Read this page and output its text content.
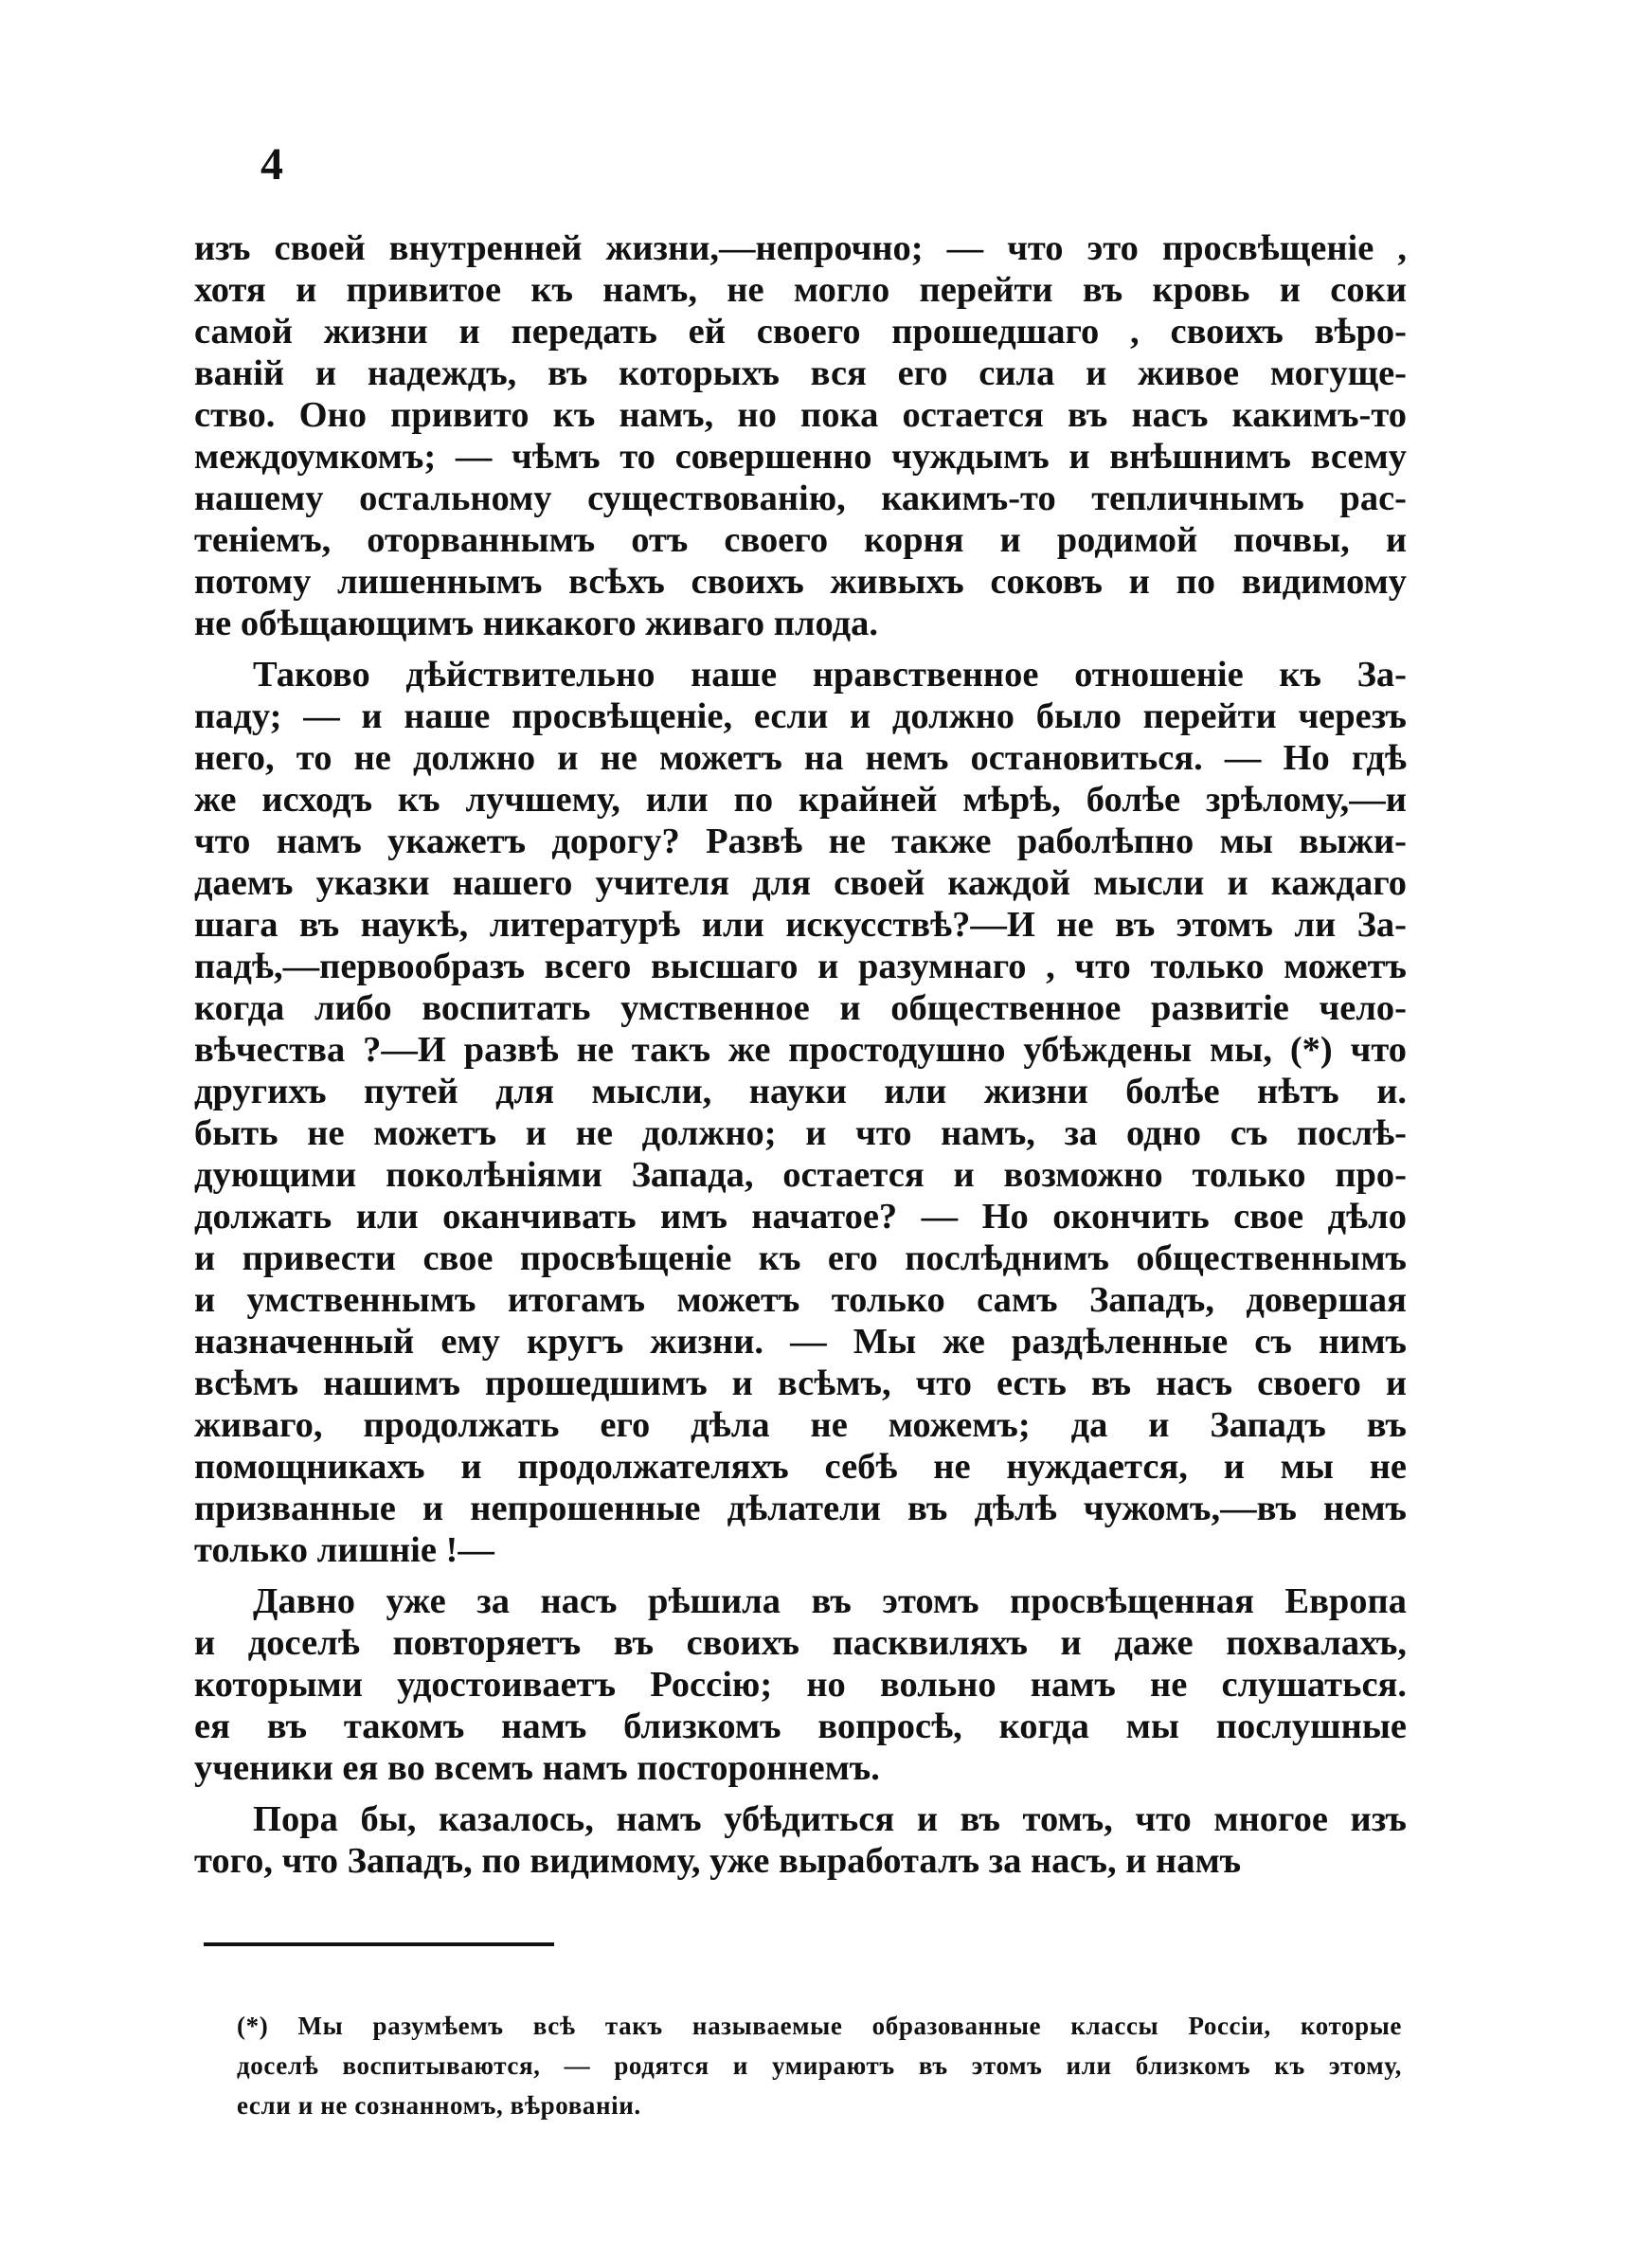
4
изъ своей внутренней жизни,—непрочно; — что это просвѣщеніе ,
хотя и привитое къ намъ, не могло перейти въ кровь и соки
самой жизни и передать ей своего прошедшаго , своихъ вѣро-
ваній и надеждъ, въ которыхъ вся его сила и живое могуще-
ство. Оно привито къ намъ, но пока остается въ насъ какимъ-то
междоумкомъ; — чѣмъ то совершенно чуждымъ и внѣшнимъ всему
нашему остальному существованію, какимъ-то тепличнымъ рас-
теніемъ, оторваннымъ отъ своего корня и родимой почвы, и
потому лишеннымъ всѣхъ своихъ живыхъ соковъ и по видимому
не обѣщающимъ никакого живаго плода.
Таково дѣйствительно наше нравственное отношеніе къ За-
паду; — и наше просвѣщеніе, если и должно было перейти черезъ
него, то не должно и не можетъ на немъ остановиться. — Но гдѣ
же исходъ къ лучшему, или по крайней мѣрѣ, болѣе зрѣлому,—и
что намъ укажетъ дорогу? Развѣ не также раболѣпно мы выжи-
даемъ указки нашего учителя для своей каждой мысли и каждаго
шага въ наукѣ, литературѣ или искусствѣ?—И не въ этомъ ли За-
падѣ,—первообразъ всего высшаго и разумнаго , что только можетъ
когда либо воспитать умственное и общественное развитіе чело-
вѣчества ?—И развѣ не такъ же простодушно убѣждены мы, (*) что
другихъ путей для мысли, науки или жизни болѣе нѣтъ и.
быть не можетъ и не должно; и что намъ, за одно съ послѣ-
дующими поколѣніями Запада, остается и возможно только про-
должать или оканчивать имъ начатое? — Но окончить свое дѣло
и привести свое просвѣщеніе къ его послѣднимъ общественнымъ
и умственнымъ итогамъ можетъ только самъ Западъ, довершая
назначенный ему кругъ жизни. — Мы же раздѣленные съ нимъ
всѣмъ нашимъ прошедшимъ и всѣмъ, что есть въ насъ своего и
живаго, продолжать его дѣла не можемъ; да и Западъ въ
помощникахъ и продолжателяхъ себѣ не нуждается, и мы не
призванные и непрошенные дѣлатели въ дѣлѣ чужомъ,—въ немъ
только лишніе !—
Давно уже за насъ рѣшила въ этомъ просвѣщенная Европа
и доселѣ повторяетъ въ своихъ пасквиляхъ и даже похвалахъ,
которыми удостоиваетъ Россію; но вольно намъ не слушаться.
ея въ такомъ намъ близкомъ вопросѣ, когда мы послушные
ученики ея во всемъ намъ постороннемъ.
Пора бы, казалось, намъ убѣдиться и въ томъ, что многое изъ
того, что Западъ, по видимому, уже выработалъ за насъ, и намъ
(*) Мы разумѣемъ всѣ такъ называемые образованные классы Россіи, которые
доселѣ воспитываются, — родятся и умираютъ въ этомъ или близкомъ къ этому,
если и не сознанномъ, вѣрованіи.
